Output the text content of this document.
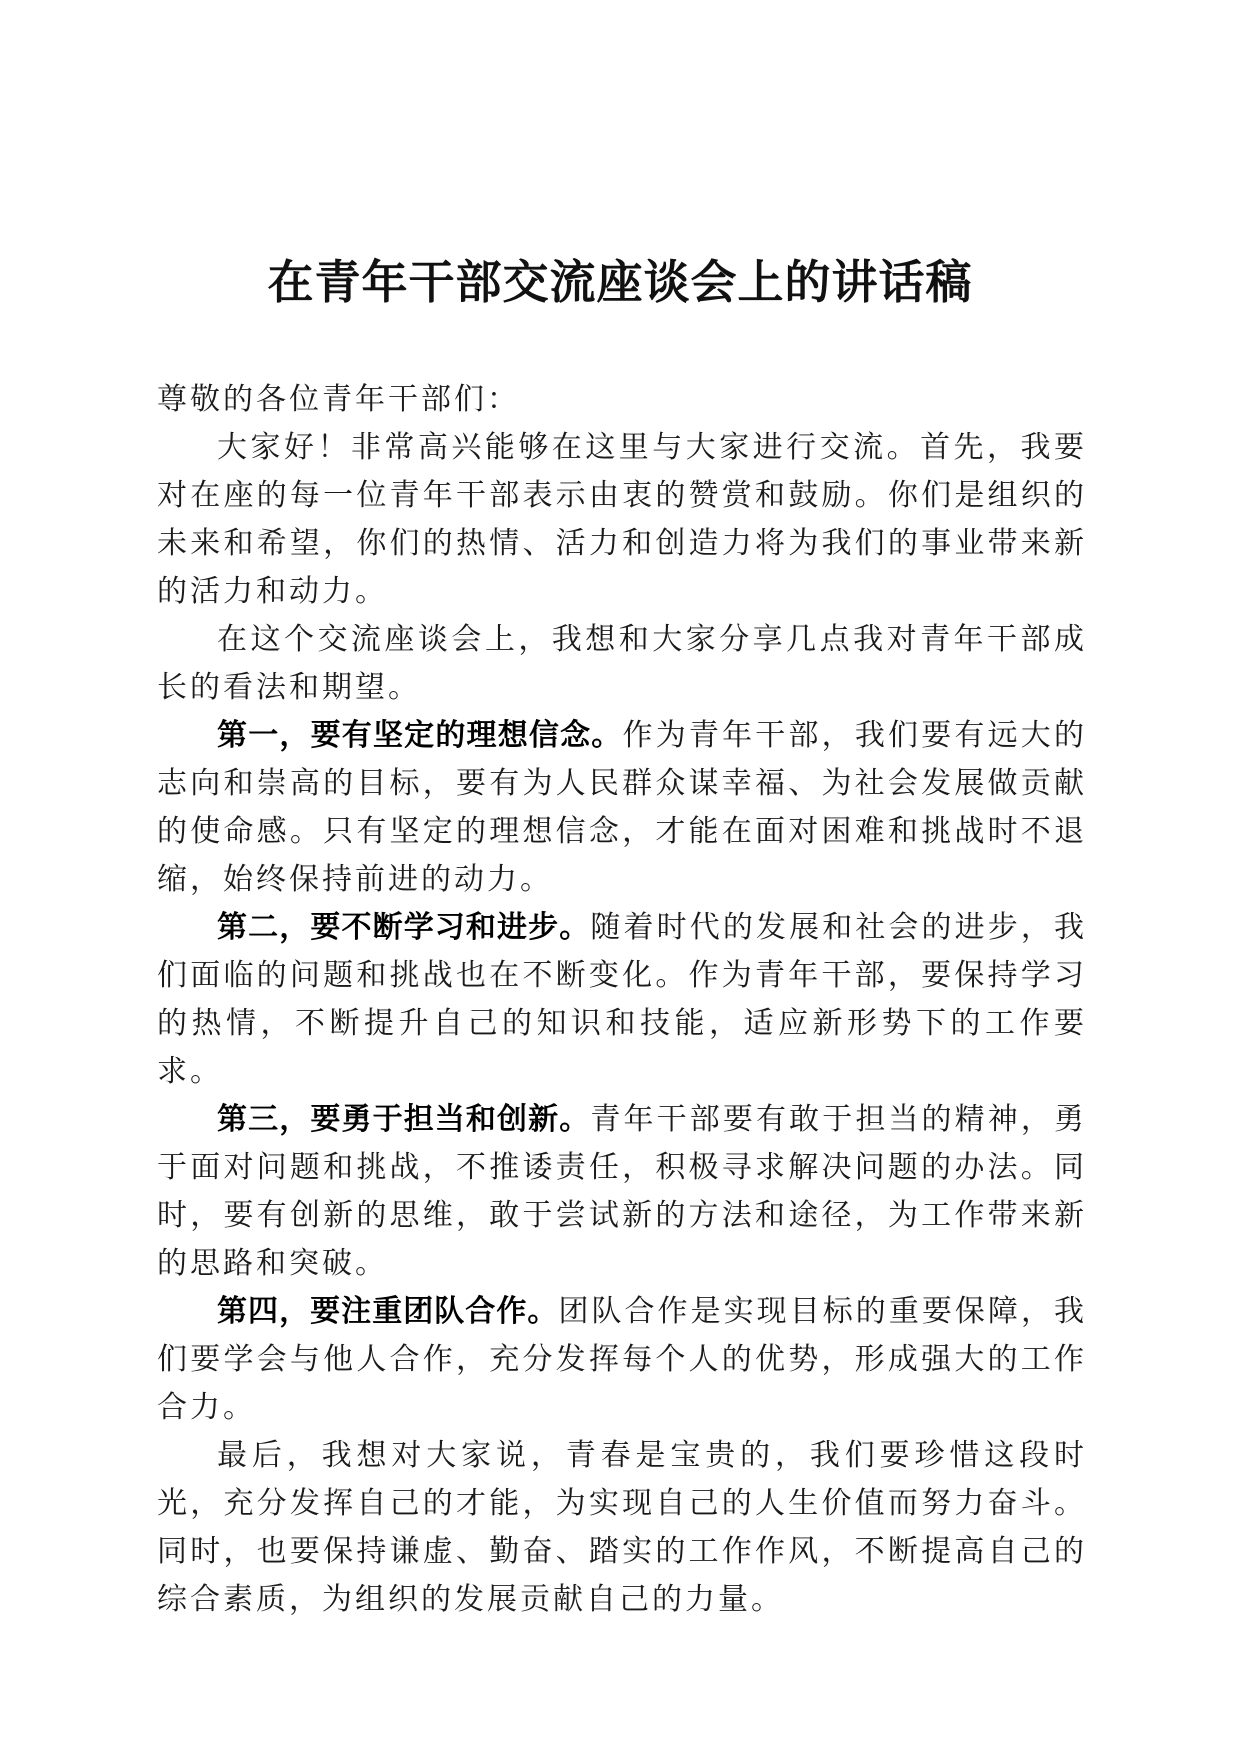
在青年干部交流座谈会上的讲话稿

尊敬的各位青年干部们：

大家好！非常高兴能够在这里与大家进行交流。首先，我要对在座的每一位青年干部表示由衷的赞赏和鼓励。你们是组织的未来和希望，你们的热情、活力和创造力将为我们的事业带来新的活力和动力。

在这个交流座谈会上，我想和大家分享几点我对青年干部成长的看法和期望。

第一，要有坚定的理想信念。作为青年干部，我们要有远大的志向和崇高的目标，要有为人民群众谋幸福、为社会发展做贡献的使命感。只有坚定的理想信念，才能在面对困难和挑战时不退缩，始终保持前进的动力。

第二，要不断学习和进步。随着时代的发展和社会的进步，我们面临的问题和挑战也在不断变化。作为青年干部，要保持学习的热情，不断提升自己的知识和技能，适应新形势下的工作要求。

第三，要勇于担当和创新。青年干部要有敢于担当的精神，勇于面对问题和挑战，不推诿责任，积极寻求解决问题的办法。同时，要有创新的思维，敢于尝试新的方法和途径，为工作带来新的思路和突破。

第四，要注重团队合作。团队合作是实现目标的重要保障，我们要学会与他人合作，充分发挥每个人的优势，形成强大的工作合力。

最后，我想对大家说，青春是宝贵的，我们要珍惜这段时光，充分发挥自己的才能，为实现自己的人生价值而努力奋斗。同时，也要保持谦虚、勤奋、踏实的工作作风，不断提高自己的综合素质，为组织的发展贡献自己的力量。
